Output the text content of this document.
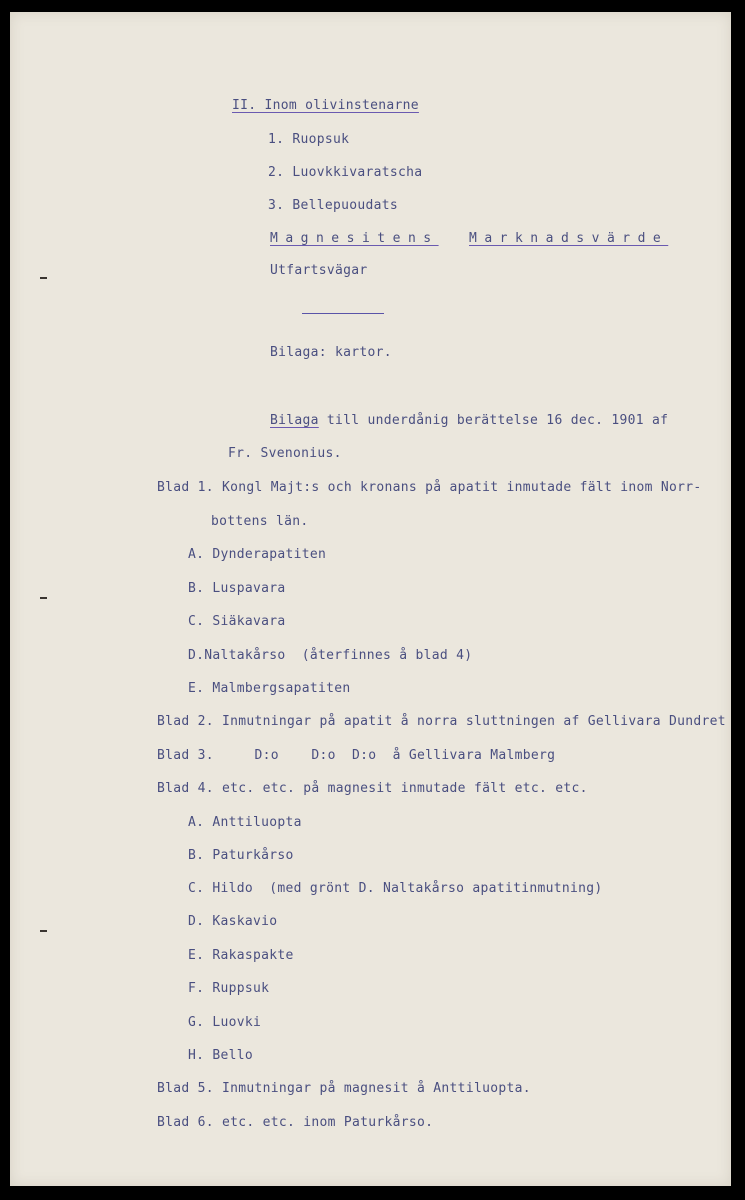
II. Inom olivinstenarne
1. Ruopsuk
2. Luovkkivaratscha
3. Bellepuoudats
Magnesitens Marknadsvärde
Utfartsvägar
Bilaga: kartor.
Bilaga till underdånig berättelse 16 dec. 1901 af
Fr. Svenonius.
Blad 1. Kongl Majt:s och kronans på apatit inmutade fält inom Norr-
bottens län.
A. Dynderapatiten
B. Luspavara
C. Siäkavara
D.Naltakårso  (återfinnes å blad 4)
E. Malmbergsapatiten
Blad 2. Inmutningar på apatit å norra sluttningen af Gellivara Dundret
Blad 3.     D:o    D:o  D:o  å Gellivara Malmberg
Blad 4. etc. etc. på magnesit inmutade fält etc. etc.
A. Anttiluopta
B. Paturkårso
C. Hildo  (med grönt D. Naltakårso apatitinmutning)
D. Kaskavio
E. Rakaspakte
F. Ruppsuk
G. Luovki
H. Bello
Blad 5. Inmutningar på magnesit å Anttiluopta.
Blad 6. etc. etc. inom Paturkårso.
